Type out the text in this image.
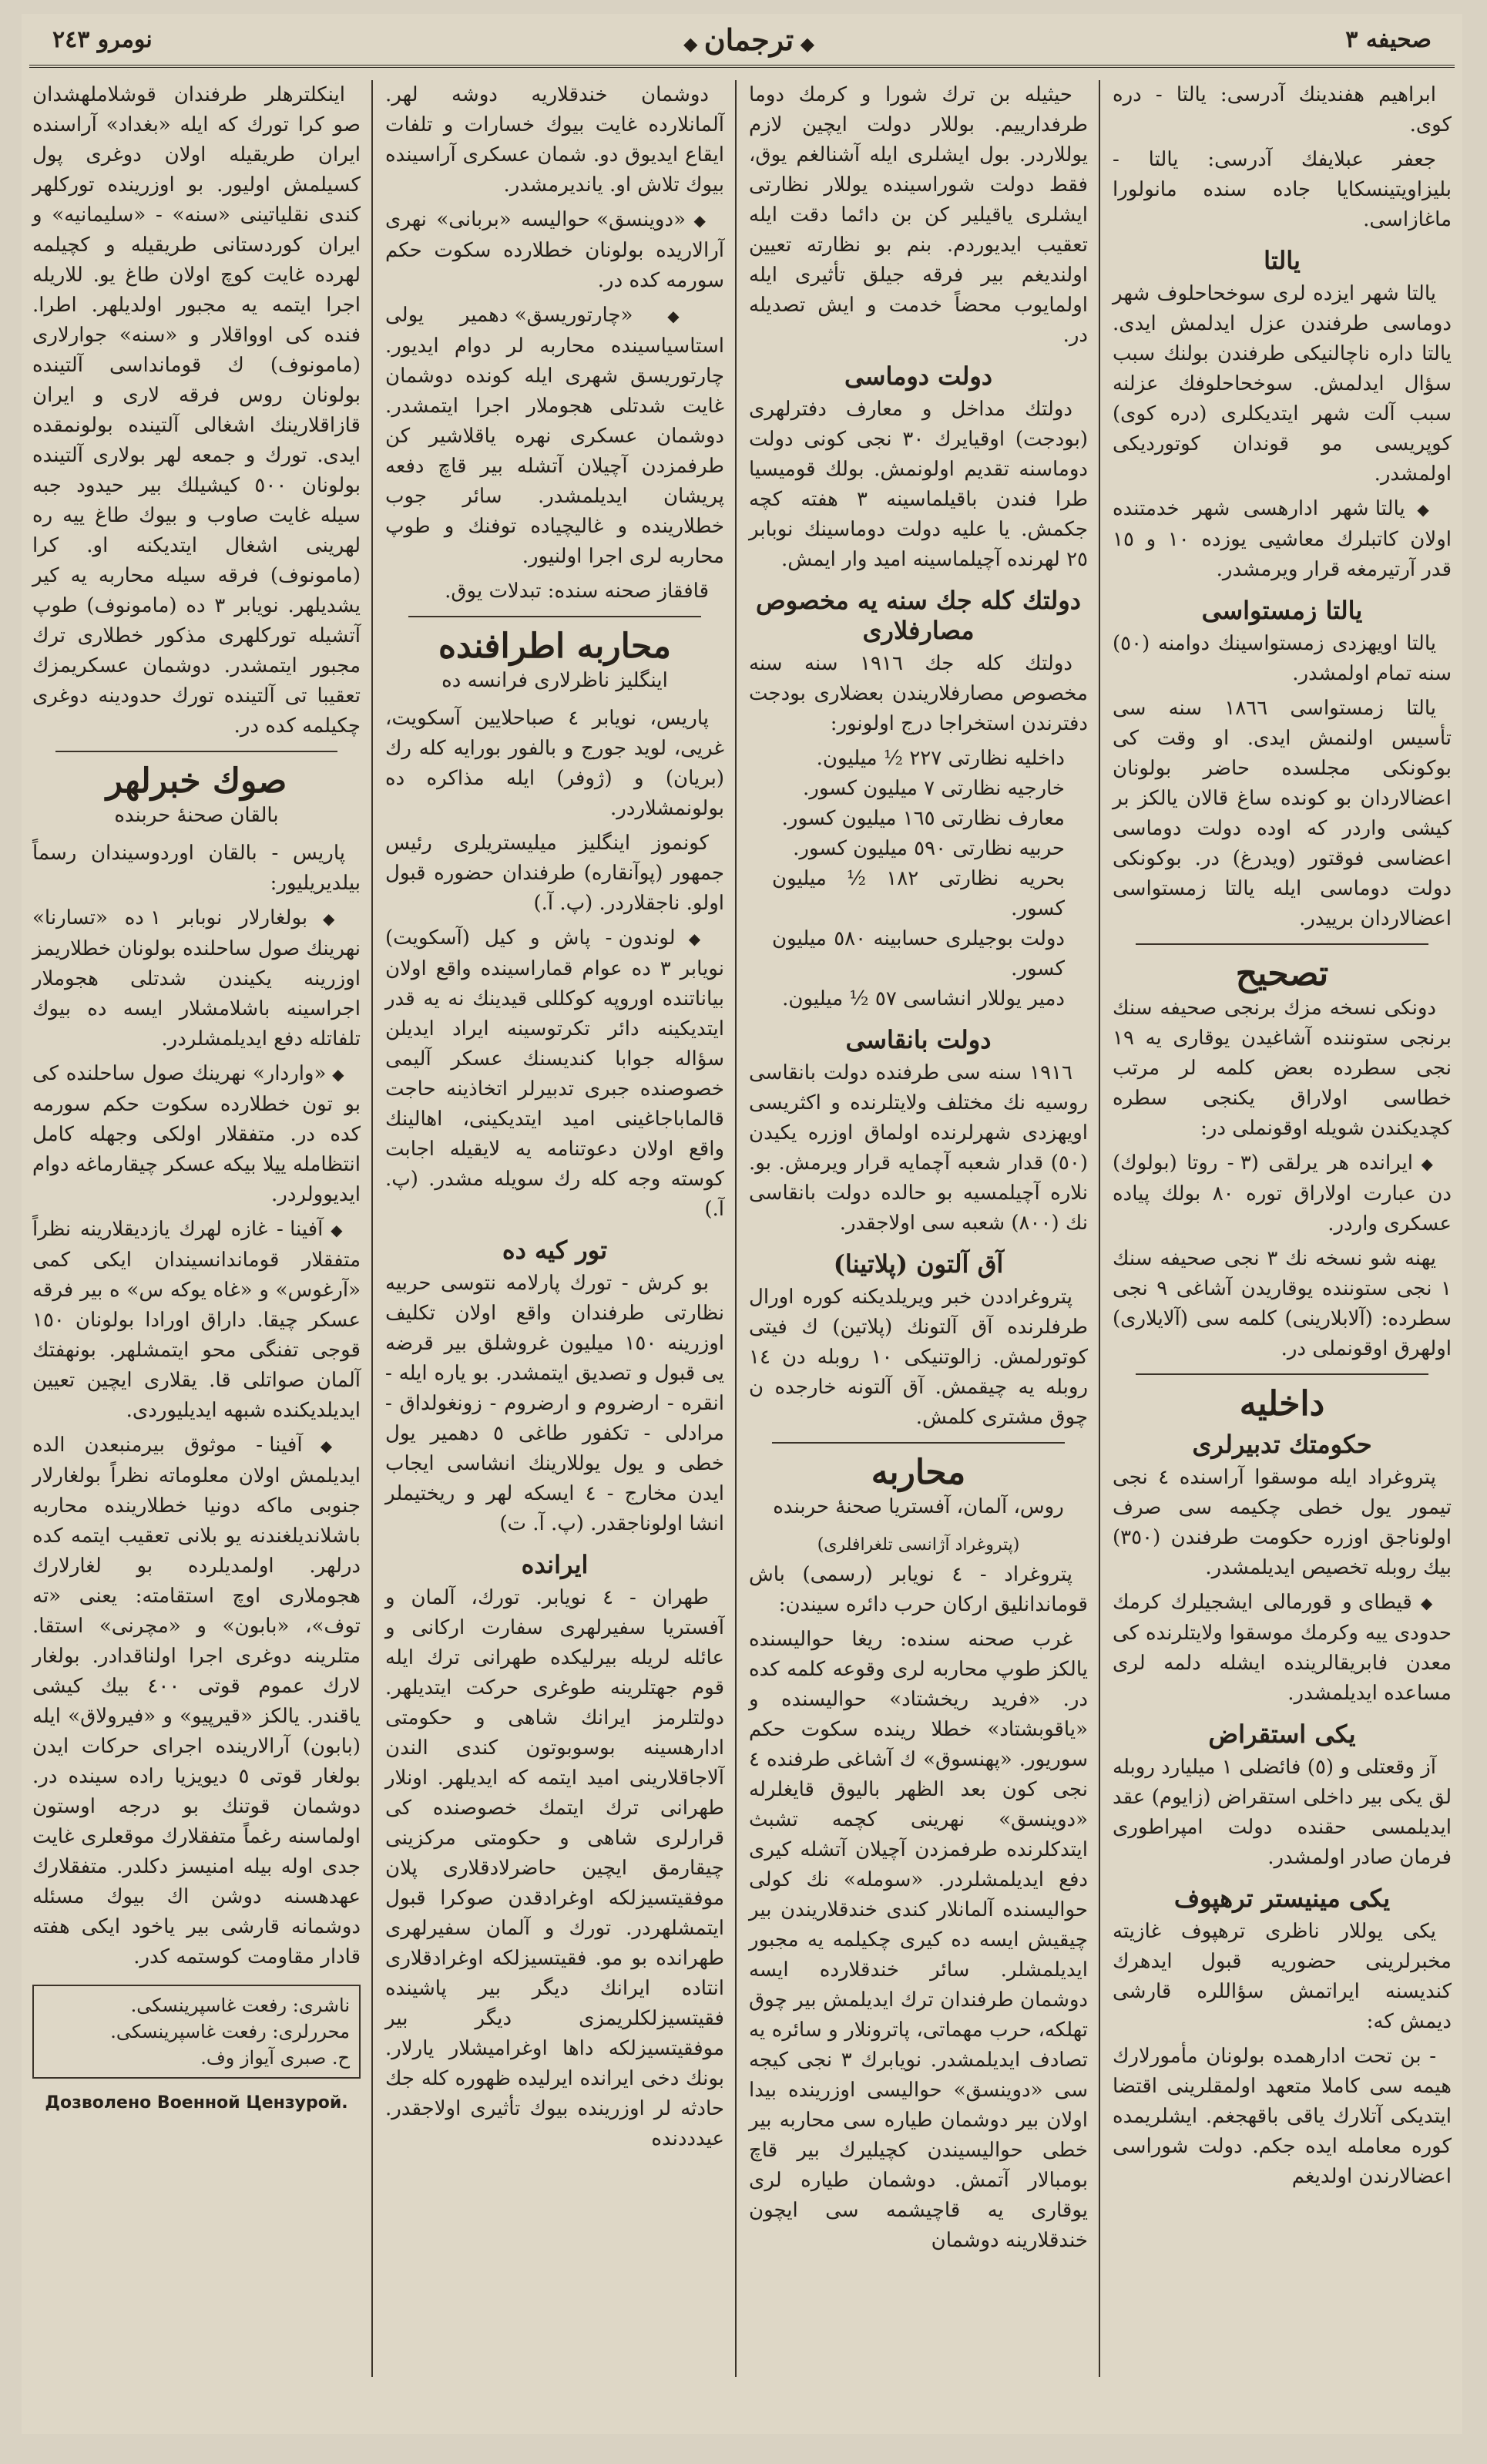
صحیفه ٣
◆ ترجمان ◆
نومرو ٢٤٣

ابراهیم هفندینك آدرسی: یالتا - دره كوی.

جعفر عبلایفك آدرسی: یالتا - بلیزاویتینسكایا جاده سنده مانولورا ماغازاسی.

یالتا

یالتا شهر ایزده لری سوخحاحلوف شهر دوماسی طرفندن عزل ایدلمش ایدی. یالتا داره ناچالنیكی طرفندن بولنك سبب سؤال ایدلمش. سوخحاحلوفك عزلنه سبب آلت شهر ایتدیكلری (دره كوی) كوپریسی مو قوندان كوتوردیكی اولمشدر.

◆ یالتا شهر ادارهسی شهر خدمتنده اولان كاتبلرك معاشیی یوزده ١٠ و ١٥ قدر آرتیرمغه قرار ویرمشدر.

یالتا زمستواسی

یالتا اویهزدی زمستواسینك دوامنه (٥٠) سنه تمام اولمشدر.

یالتا زمستواسی ١٨٦٦ سنه سی تأسیس اولنمش ایدی. او وقت كی بوكونكی مجلسده حاضر بولونان اعضالاردان بو كونده ساغ قالان یالكز بر كیشی واردر كه اوده دولت دوماسی اعضاسی فوقتور (ویدرغ) در. بوكونكی دولت دوماسی ایله یالتا زمستواسی اعضالاردان برییدر.

تصحیح

دونكی نسخه مزك برنجی صحیفه سنك برنجی ستوننده آشاغیدن یوقاری یه ١٩ نجی سطرده بعض كلمه لر مرتب خطاسی اولاراق یكنجی سطره كچدیكندن شویله اوقونملی در:

◆ ایرانده هر یرلقی (٣ - روتا (بولوك) دن عبارت اولاراق توره ٨٠ بولك پیاده عسكری واردر.

یهنه شو نسخه نك ٣ نجی صحیفه سنك ١ نجی ستوننده یوقاریدن آشاغی ٩ نجی سطرده: (آلابلارینی) كلمه سی (آلایلاری) اولهرق اوقونملی در.

داخلیه
حكومتك تدبیرلری

پتروغراد ایله موسقوا آراسنده ٤ نجی تیمور یول خطی چكیمه سی صرف اولوناجق اوزره حكومت طرفندن (٣٥٠) بیك روبله تخصیص ایدیلمشدر.

◆ قیطای و قورمالی ایشجیلرك كرمك حدودی ییه وكرمك موسقوا ولایتلرنده كی معدن فابریقالرینده ایشله دلمه لری مساعده ایدیلمشدر.

یكی استقراض

آز وقعتلی و (٥) فائضلی ١ میلیارد روبله لق یكی بیر داخلی استقراض (زایوم) عقد ایدیلمسی حقنده دولت امپراطوری فرمان صادر اولمشدر.

یكی مینیستر ترهپوف

یكی یوللار ناظری ترهپوف غازیته مخبرلرینی حضوریه قبول ایدهرك كندیسنه ایراتمش سؤاللره قارشی دیمش كه:

- بن تحت ادارهمده بولونان مأمورلارك هیمه سی كاملا متعهد اولمقلرینی اقتضا ایتدیكی آتلارك یاقی باقهجغم. ایشلریمده كوره معامله ایده جكم. دولت شوراسی اعضالارندن اولدیغم

حیثیله بن ترك شورا و كرمك دوما طرفدارییم. بوللار دولت ایچین لازم یوللاردر. بول ایشلری ایله آشنالغم یوق، فقط دولت شوراسینده یوللار نظارتی ایشلری یاقیلیر كن بن دائما دقت ایله تعقیب ایدیوردم. بنم بو نظارته تعیین اولندیغم بیر فرقه جیلق تأثیری ایله اولمایوب محضاً خدمت و ایش تصدیله در.

دولت دوماسی

دولتك مداخل و معارف دفترلهری (بودجت) اوقیایرك ٣٠ نجی كونی دولت دوماسنه تقدیم اولونمش. بولك قومیسیا طرا فندن باقیلماسینه ٣ هفته كچه جكمش. یا علیه دولت دوماسینك نوبابر ٢٥ لهرنده آچیلماسینه امید وار ایمش.

دولتك كله جك سنه یه مخصوص مصارفلاری

دولتك كله جك ١٩١٦ سنه سنه مخصوص مصارفلاریندن بعضلاری بودجت دفترندن استخراجا درج اولونور:

داخلیه نظارتی ٢٢٧ ½ میلیون.
خارجیه نظارتی ٧ میلیون كسور.
معارف نظارتی ١٦٥ میلیون كسور.
حربیه نظارتی ٥٩٠ میلیون كسور.
بحریه نظارتی ١٨٢ ½ میلیون كسور.
دولت بوجیلری حسابینه ٥٨٠ میلیون كسور.
دمیر یوللار انشاسی ٥٧ ½ میلیون.
دولت بانقاسی

١٩١٦ سنه سی طرفنده دولت بانقاسی روسیه نك مختلف ولایتلرنده و اكثریسی اویهزدی شهرلرنده اولماق اوزره یكیدن (٥٠) قدار شعبه آچمایه قرار ویرمش. بو. نلاره آچیلمسیه بو حالده دولت بانقاسی نك (٨٠٠) شعبه سی اولاجقدر.

آق آلتون (پلاتینا)

پتروغراددن خبر ویریلدیكنه كوره اورال طرفلرنده آق آلتونك (پلاتین) ك فیتی كوتورلمش. زالوتنیكی ١٠ روبله دن ١٤ روبله یه چیقمش. آق آلتونه خارجده ن چوق مشتری كلمش.

محاربه
روس، آلمان، آفستریا صحنهٔ حربنده
(پتروغراد آژانسی تلغرافلری)

پتروغراد - ٤ نویابر (رسمی) باش قوماندانلیق اركان حرب دائره سیندن:

غرب صحنه سنده: ریغا حوالیسنده یالكز طوپ محاربه لری وقوعه كلمه كده در. «فرید ریخشتاد» حوالیسنده و «یاقوبشتاد» خطلا رینده سكوت حكم سوریور. «پهنسوق» ك آشاغی طرفنده ٤ نجی كون بعد الظهر بالیوق قایغلرله «دوینسق» نهرینی كچمه تشبث ایتدكلرنده طرفمزدن آچیلان آتشله كیری دفع ایدیلمشلردر. «سومله» نك كولی حوالیسنده آلمانلار كندی خندقلاریندن بیر چیقیش ایسه ده كیری چكیلمه یه مجبور ایدیلمشلر. سائر خندقلارده ایسه دوشمان طرفندان ترك ایدیلمش بیر چوق تهلكه، حرب مهماتی، پاترونلار و سائره یه تصادف ایدیلمشدر. نویابرك ٣ نجی كیجه سی «دوینسق» حوالیسی اوزرینده بیدا اولان بیر دوشمان طیاره سی محاربه بیر خطی حوالیسیندن كچیلیرك بیر قاچ بومبالار آتمش. دوشمان طیاره لری یوقاری یه قاچیشمه سی ایچون خندقلارینه دوشمان

دوشمان خندقلاریه دوشه لهر. آلمانلارده غایت بیوك خسارات و تلفات ایقاع ایدیوق دو. شمان عسكری آراسینده بیوك تلاش او. یاندیرمشدر.

◆ «دوینسق» حوالیسه «بربانی» نهری آرالاریده بولونان خطلارده سكوت حكم سورمه كده در.

◆ «چارتوریسق» دهمیر یولی استاسیاسینده محاربه لر دوام ایدیور. چارتوریسق شهری ایله كونده دوشمان غایت شدتلی هجوملار اجرا ایتمشدر. دوشمان عسكری نهره یاقلاشیر كن طرفمزدن آچیلان آتشله بیر قاچ دفعه پریشان ایدیلمشدر. سائر جوب خطلارینده و غالیچیاده توفنك و طوپ محاربه لری اجرا اولنیور.

قافقاز صحنه سنده: تبدلات یوق.

محاربه اطرافنده
اینگلیز ناظرلاری فرانسه ده

پاریس، نویابر ٤ صباحلایین آسكویت، غریی، لوید جورج و بالفور بورایه كله رك (بریان) و (ژوفر) ایله مذاكره ده بولونمشلاردر.

كونموز اینگلیز میلیستریلری رئیس جمهور (پوآنقاره) طرفندان حضوره قبول اولو. ناجقلاردر. (پ. آ.)

◆ لوندون - پاش و كیل (آسكویت) نویابر ٣ ده عوام قماراسینده واقع اولان بیاناتنده اوروپه كوكللی قیدینك نه یه قدر ایتدیكینه دائر تكرتوسینه ایراد ایدیلن سؤاله جوابا كندیسنك عسكر آلیمی خصوصنده جبری تدبیرلر اتخاذینه حاجت قالماباجاغینی امید ایتدیكینی، اهالینك واقع اولان دعوتنامه یه لایقیله اجابت كوسته وجه كله رك سویله مشدر. (پ. آ.)

تور كیه ده

بو كرش - تورك پارلامه نتوسی حربیه نظارتی طرفندان واقع اولان تكلیف اوزرینه ١٥٠ میلیون غروشلق بیر قرضه یی قبول و تصدیق ایتمشدر. بو یاره ایله - انقره - ارضروم و ارضروم - زونغولداق - مرادلی - تكفور طاغی ٥ دهمیر یول خطی و یول یوللارینك انشاسی ایجاب ایدن مخارج - ٤ ایسكه لهر و ریختیملر انشا اولوناجقدر. (پ. آ. ت)

ایرانده

طهران - ٤ نویابر. تورك، آلمان و آفستریا سفیرلهری سفارت اركانی و عائله لریله بیرلیكده طهرانی ترك ایله قوم جهتلرینه طوغری حركت ایتدیلهر. دولتلرمز ایرانك شاهی و حكومتی ادارهسینه بوسوبوتون كندی الندن آلاجاقلارینی امید ایتمه كه ایدیلهر. اونلار طهرانی ترك ایتمك خصوصنده كی قرارلری شاهی و حكومتی مركزینی چیقارمق ایچین حاضرلادقلاری پلان موفقیتسیزلكه اوغرادقدن صوكرا قبول ایتمشلهردر. تورك و آلمان سفیرلهری طهرانده بو مو. فقیتسیزلكه اوغرادقلاری انتاده ایرانك دیگر بیر پاشینده فقیتسیزلكلریمزی دیگر بیر موفقیتسیزلكه داها اوغرامیشلار یارلار. بونك دخی ایرانده ایرلیده ظهوره كله جك حادثه لر اوزرینده بیوك تأثیری اولاجقدر. عیدددنده

اینكلترهلر طرفندان قوشلاملهشدان صو كرا تورك كه ایله «بغداد» آراسنده ایران طریقیله اولان دوغری پول كسیلمش اولیور. بو اوزرینده توركلهر كندی نقلیاتینی «سنه» - «سلیمانیه» و ایران كوردستانی طریقیله و كچیلمه لهرده غایت كوچ اولان طاغ یو. للاریله اجرا ایتمه یه مجبور اولدیلهر. اطرا. فنده كی اوواقلار و «سنه» جوارلاری (مامونوف) ك قومانداسی آلتینده بولونان روس فرقه لاری و ایران قازاقلارینك اشغالی آلتینده بولونمقده ایدی. تورك و جمعه لهر بولاری آلتینده بولونان ٥٠٠ كیشیلك بیر حیدود جبه سیله غایت صاوب و بیوك طاغ ییه ره لهرینی اشغال ایتدیكنه او. كرا (مامونوف) فرقه سیله محاربه یه كیر یشدیلهر. نویابر ٣ ده (مامونوف) طوپ آتشیله توركلهری مذكور خطلاری ترك مجبور ایتمشدر. دوشمان عسكریمزك تعقیبا تی آلتینده تورك حدودینه دوغری چكیلمه كده در.

صوك خبرلهر
بالقان صحنهٔ حربنده

پاریس - بالقان اوردوسیندان رسماً بیلدیریلیور:

◆ بولغارلار نوبابر ١ ده «تسارنا» نهرینك صول ساحلنده بولونان خطلاریمز اوزرینه یكیندن شدتلی هجوملار اجراسینه باشلامشلار ایسه ده بیوك تلفاتله دفع ایدیلمشلردر.

◆ «واردار» نهرینك صول ساحلنده كی بو تون خطلارده سكوت حكم سورمه كده در. متفقلار اولكی وجهله كامل انتظامله ییلا بیكه عسكر چیقارماغه دوام ایدیوولردر.

◆ آفینا - غازه لهرك یازدیقلارینه نظراً متفقلار قوماندانسیندان ایكی كمی «آرغوس» و «غاه یوكه س» ه بیر فرقه عسكر چیقا. داراق اورادا بولونان ١٥٠ قوجی تفنگی محو ایتمشلهر. بونهفتك آلمان صواتلی قا. یقلاری ایچین تعیین ایدیلدیكنده شبهه ایدیلیوردی.

◆ آفینا - موثوق بیرمنبعدن الده ایدیلمش اولان معلوماته نظراً بولغارلار جنوبی ماكه دونیا خطلارینده محاربه باشلاندیلغندنه یو بلانی تعقیب ایتمه كده درلهر. اولمدیلرده بو لغارلارك هجوملاری اوچ استقامته: یعنی «ته توف»، «بابون» و «مچرنی» استقا. متلرینه دوغری اجرا اولناقدادر. بولغار لارك عموم قوتی ٤٠٠ بیك كیشی یاقندر. یالكز «قیرپیو» و «فیرولاق» ایله (بابون) آرالارینده اجرای حركات ایدن بولغار قوتی ٥ دیویزیا راده سینده در. دوشمان قوتنك بو درجه اوستون اولماسنه رغماً متفقلارك موقعلری غایت جدی اوله بیله امنیسز دكلدر. متفقلارك عهدهسنه دوشن اك بیوك مسئله دوشمانه قارشی بیر یاخود ایكی هفته قادار مقاومت كوستمه كدر.

ناشری: رفعت غاسپرینسكی.
محررلری: رفعت غاسپرینسكی.
ح. صبری آیواز وف.
Дозволено Военной Цензурой.
